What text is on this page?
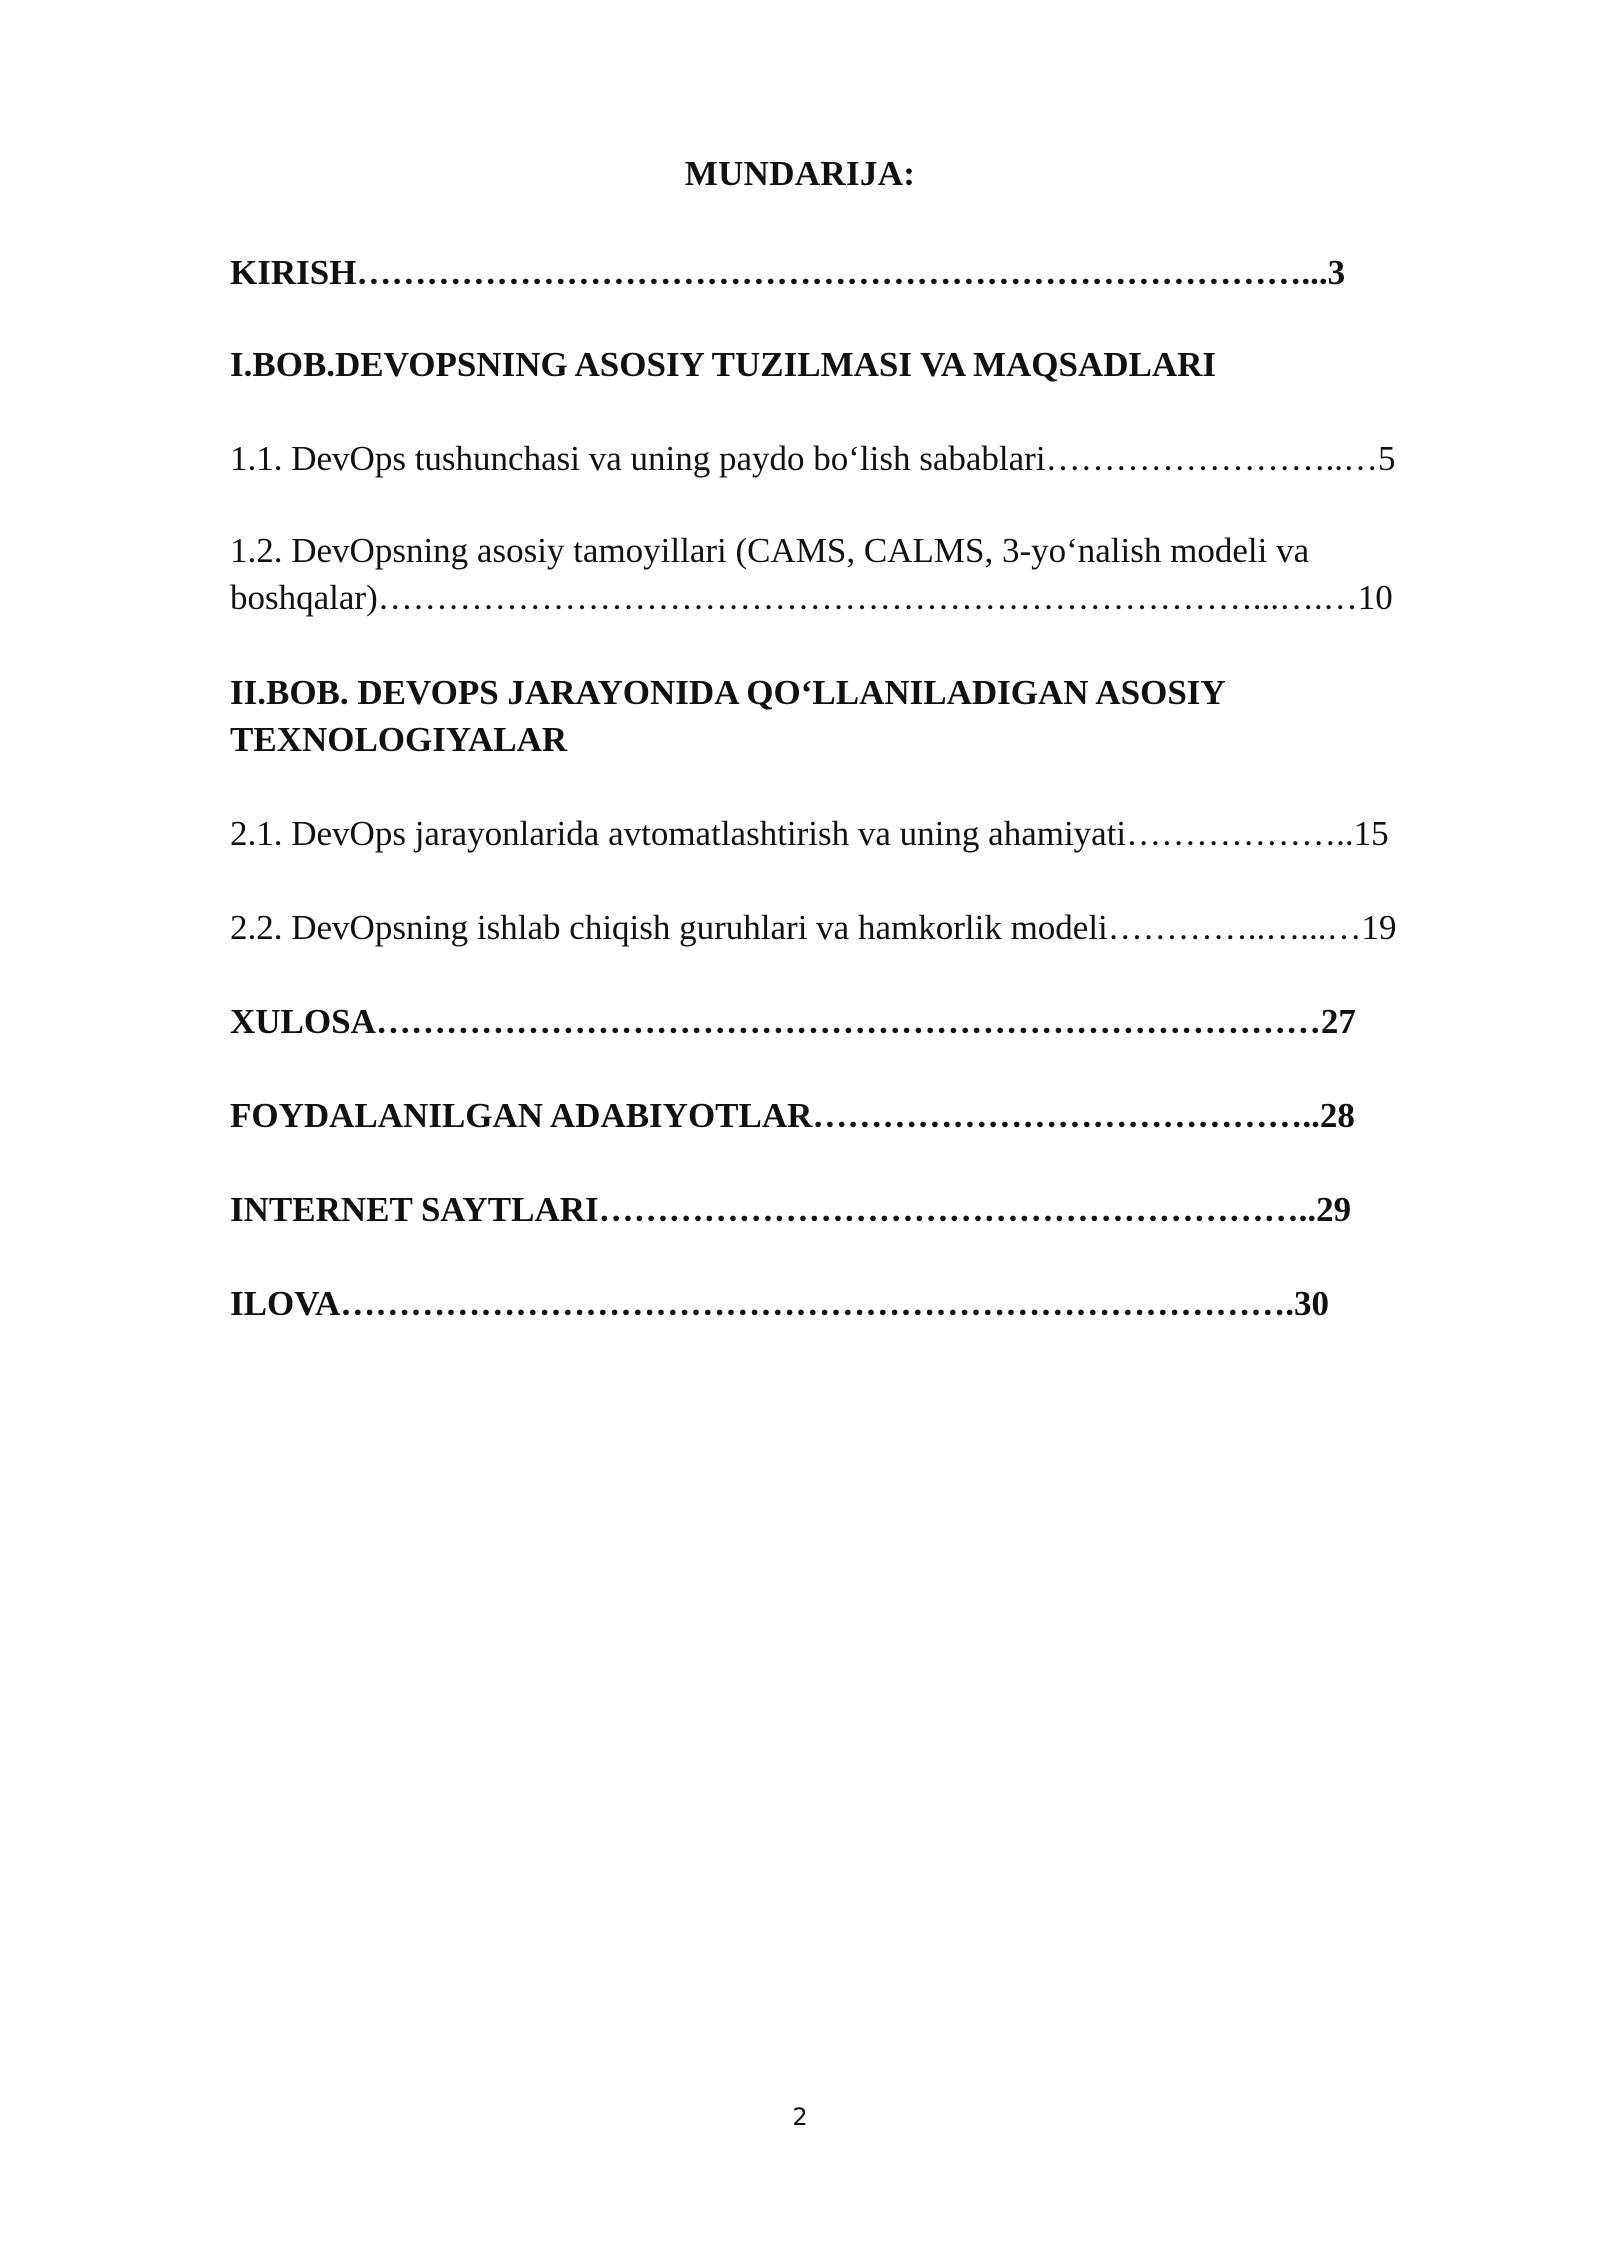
MUNDARIJA:
KIRISH………………………………………………………………………...3
I.BOB.DEVOPSNING ASOSIY TUZILMASI VA MAQSADLARI
1.1. DevOps tushunchasi va uning paydo bo‘lish sabablari……………………..…5
1.2. DevOpsning asosiy tamoyillari (CAMS, CALMS, 3-yo‘nalish modeli va
boshqalar)…………………………………………………………………...….…10
II.BOB. DEVOPS JARAYONIDA QO‘LLANILADIGAN ASOSIY
TEXNOLOGIYALAR
2.1. DevOps jarayonlarida avtomatlashtirish va uning ahamiyati………………..15
2.2. DevOpsning ishlab chiqish guruhlari va hamkorlik modeli…………..…...…19
XULOSA………………………………………………………………………27
FOYDALANILGAN ADABIYOTLAR……………………………………..28
INTERNET SAYTLARI……………………………………………………..29
ILOVA……………………………………………………………………….30
2
